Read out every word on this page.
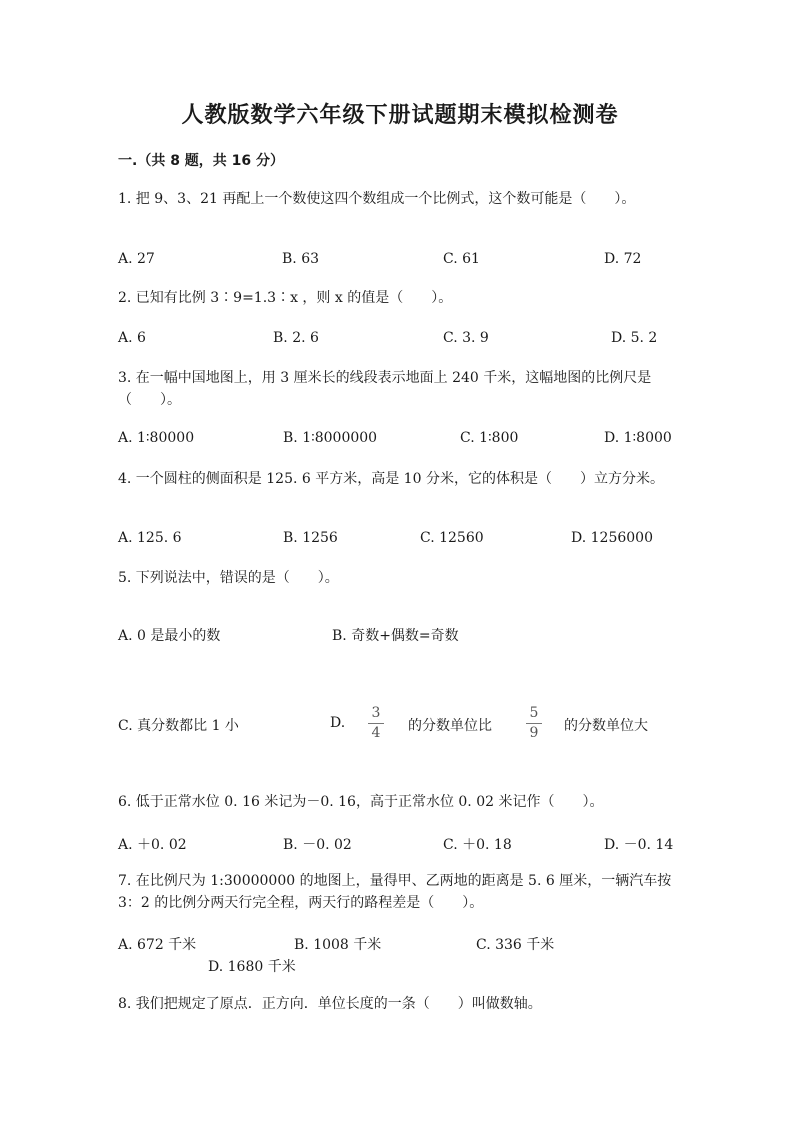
人教版数学六年级下册试题期末模拟检测卷
一.（共 8 题，共 16 分）
1. 把 9、3、21 再配上一个数使这四个数组成一个比例式，这个数可能是（　　）。
A. 27	B. 63	C. 61	D. 72
2. 已知有比例 3∶9=1.3∶x ，则 x 的值是（　　）。
A. 6	B. 2. 6	C. 3. 9	D. 5. 2
3. 在一幅中国地图上，用 3 厘米长的线段表示地面上 240 千米，这幅地图的比例尺是（　　）。
A. 1∶80000	B. 1∶8000000	C. 1∶800	D. 1∶8000
4. 一个圆柱的侧面积是 125. 6 平方米，高是 10 分米，它的体积是（　　）立方分米。
A. 125. 6	B. 1256	C. 12560	D. 1256000
5. 下列说法中，错误的是（　　）。
A. 0 是最小的数	B. 奇数+偶数=奇数
C. 真分数都比 1 小	D.
3
4	的分数单位比
5
9	的分数单位大
6. 低于正常水位 0. 16 米记为－0. 16，高于正常水位 0. 02 米记作（　　）。
A. ＋0. 02	B. －0. 02	C. ＋0. 18	D. －0. 14
7. 在比例尺为 1:30000000 的地图上，量得甲、乙两地的距离是 5. 6 厘米，一辆汽车按 3：2 的比例分两天行完全程，两天行的路程差是（　　）。
A. 672 千米	B. 1008 千米	C. 336 千米
D. 1680 千米
8. 我们把规定了原点．正方向．单位长度的一条（　　）叫做数轴。
